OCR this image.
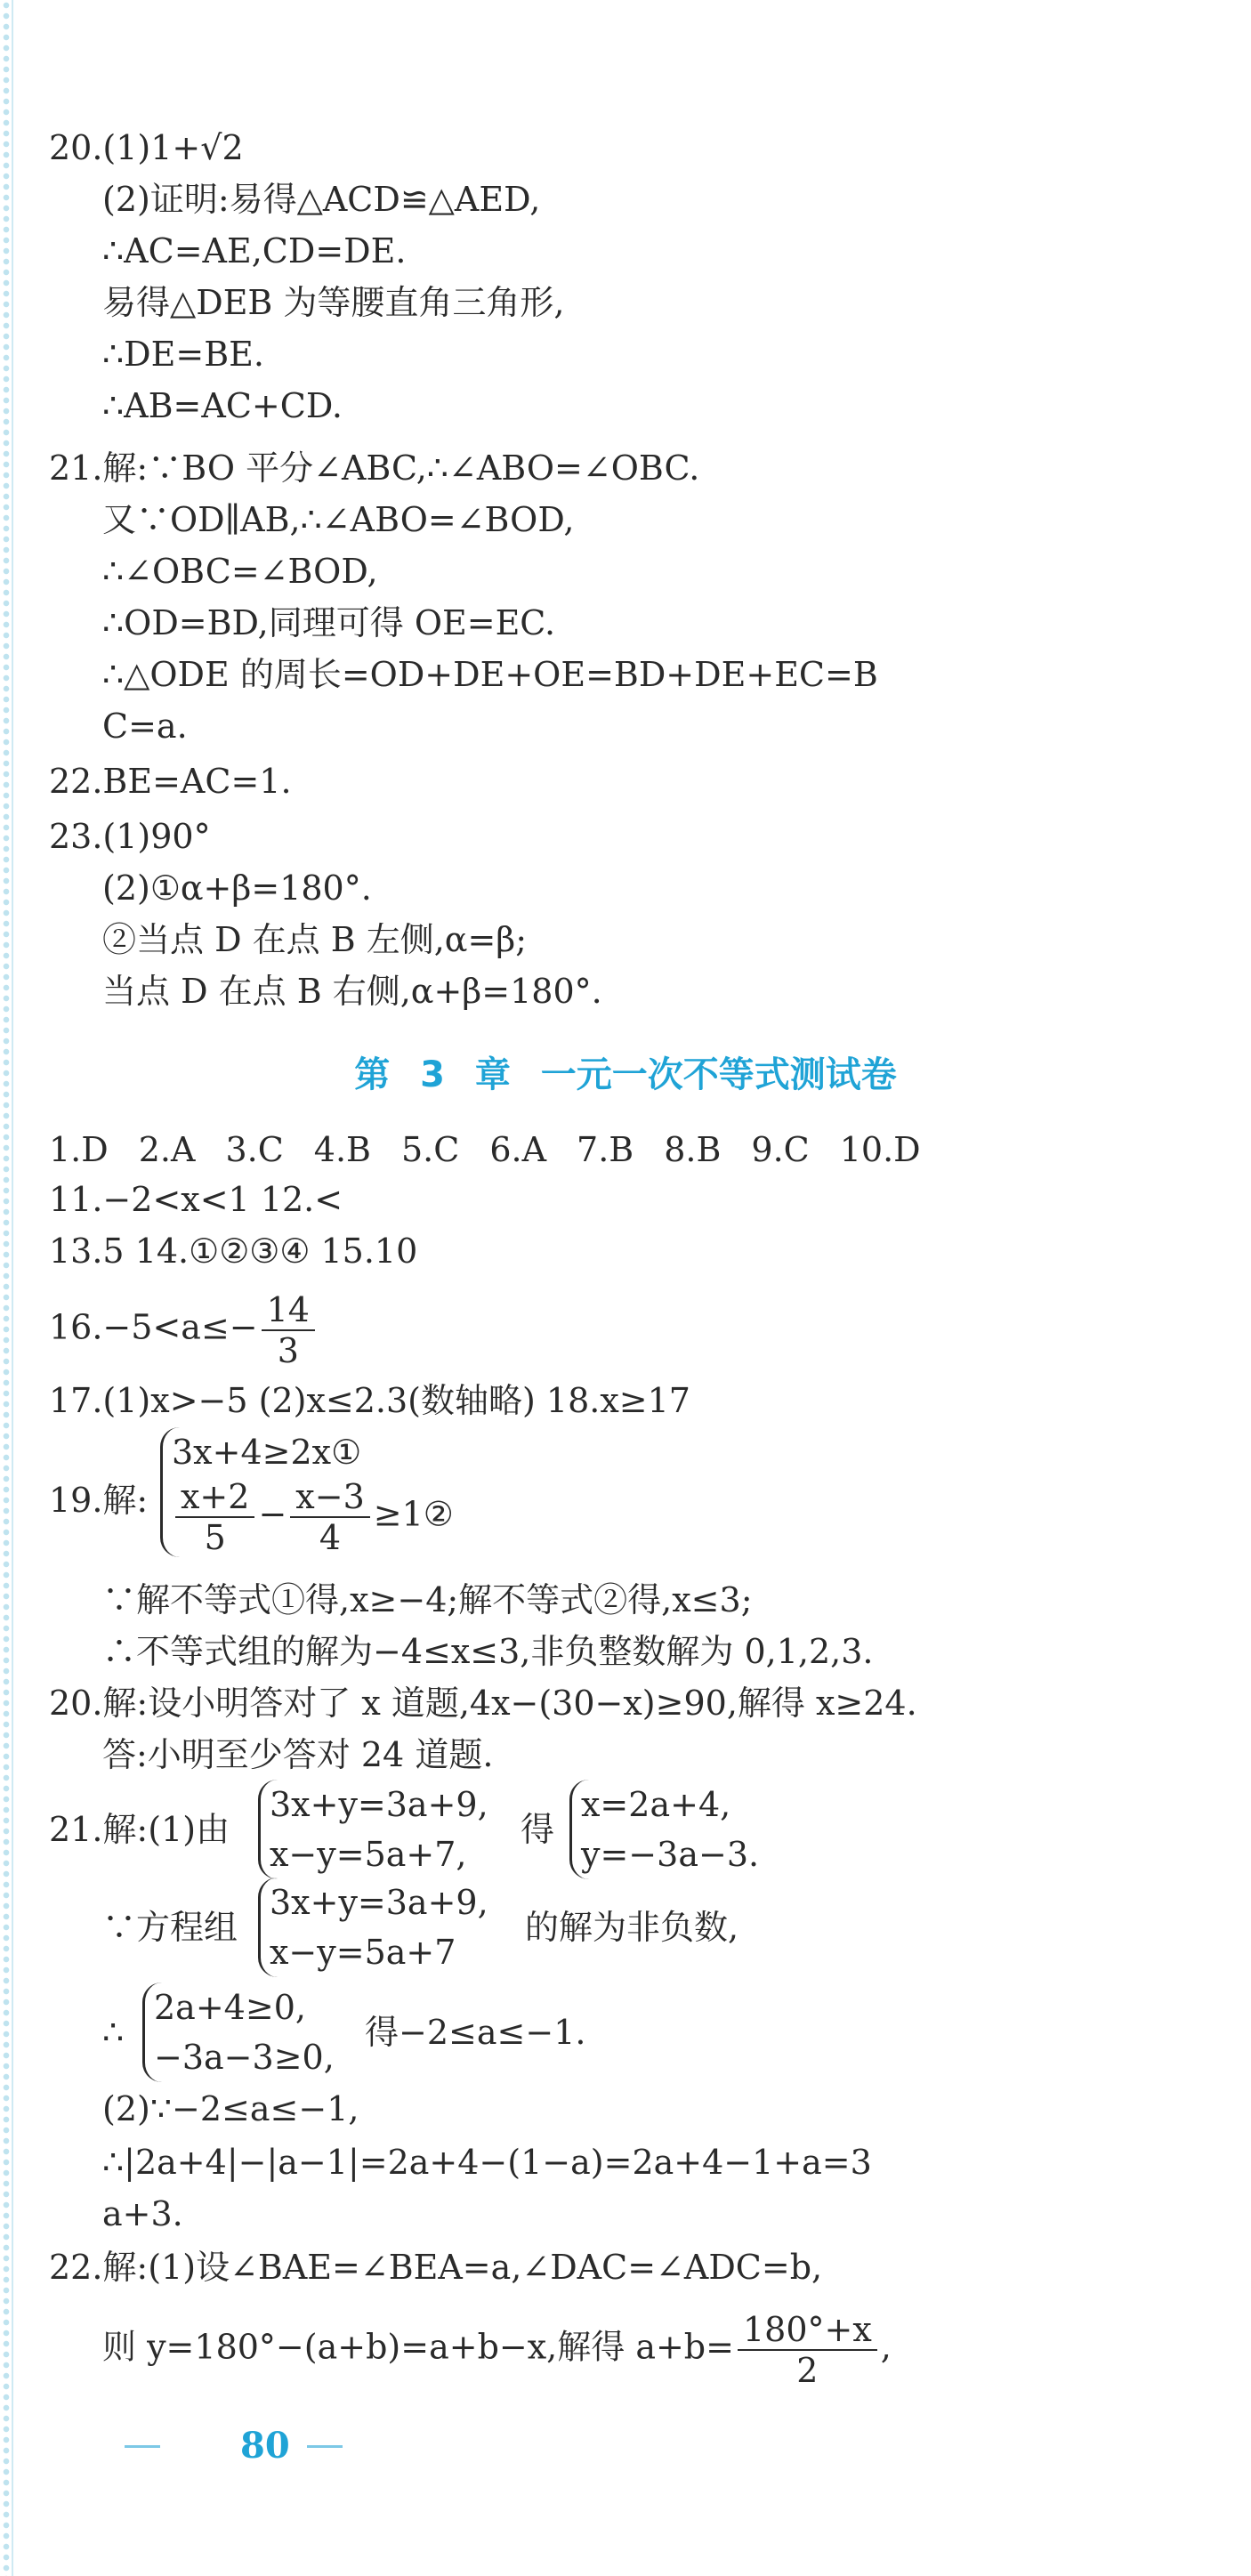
20.(1)1+√2
(2)证明:易得△ACD≌△AED,
∴AC=AE,CD=DE.
易得△DEB 为等腰直角三角形,
∴DE=BE.
∴AB=AC+CD.
21.解:∵BO 平分∠ABC,∴∠ABO=∠OBC.
又∵OD∥AB,∴∠ABO=∠BOD,
∴∠OBC=∠BOD,
∴OD=BD,同理可得 OE=EC.
∴△ODE 的周长=OD+DE+OE=BD+DE+EC=B
C=a.
22.BE=AC=1.
23.(1)90°
(2)①α+β=180°.
②当点 D 在点 B 左侧,α=β;
当点 D 在点 B 右侧,α+β=180°.
第 3 章 一元一次不等式测试卷
1.D 2.A 3.C 4.B 5.C 6.A 7.B 8.B 9.C 10.D
11.−2<x<1 12.<
13.5 14.①②③④ 15.10
$16.-5<a\le- \frac{14}{3}$
17.(1)x>−5 (2)x≤2.3(数轴略) 18.x≥17
19.解:
3x+4≥2x①
$\frac{x+2}{5} - \frac{x-3}{4}$ ≥1②
∵解不等式①得,x≥−4;解不等式②得,x≤3;
∴不等式组的解为−4≤x≤3,非负整数解为 0,1,2,3.
20.解:设小明答对了 x 道题,4x−(30−x)≥90,解得 x≥24.
答:小明至少答对 24 道题.
21.解:(1)由
3x+y=3a+9,
x−y=5a+7,
得
x=2a+4,
y=−3a−3.
∵方程组
3x+y=3a+9,
x−y=5a+7
的解为非负数,
∴
2a+4≥0,
−3a−3≥0,
得−2≤a≤−1.
(2)∵−2≤a≤−1,
∴|2a+4|−|a−1|=2a+4−(1−a)=2a+4−1+a=3
a+3.
22.解:(1)设∠BAE=∠BEA=a,∠DAC=∠ADC=b,
则 y=180°−(a+b)=a+b−x,解得 $a+b= \frac{180^\circ+x}{2}$ ,
80
